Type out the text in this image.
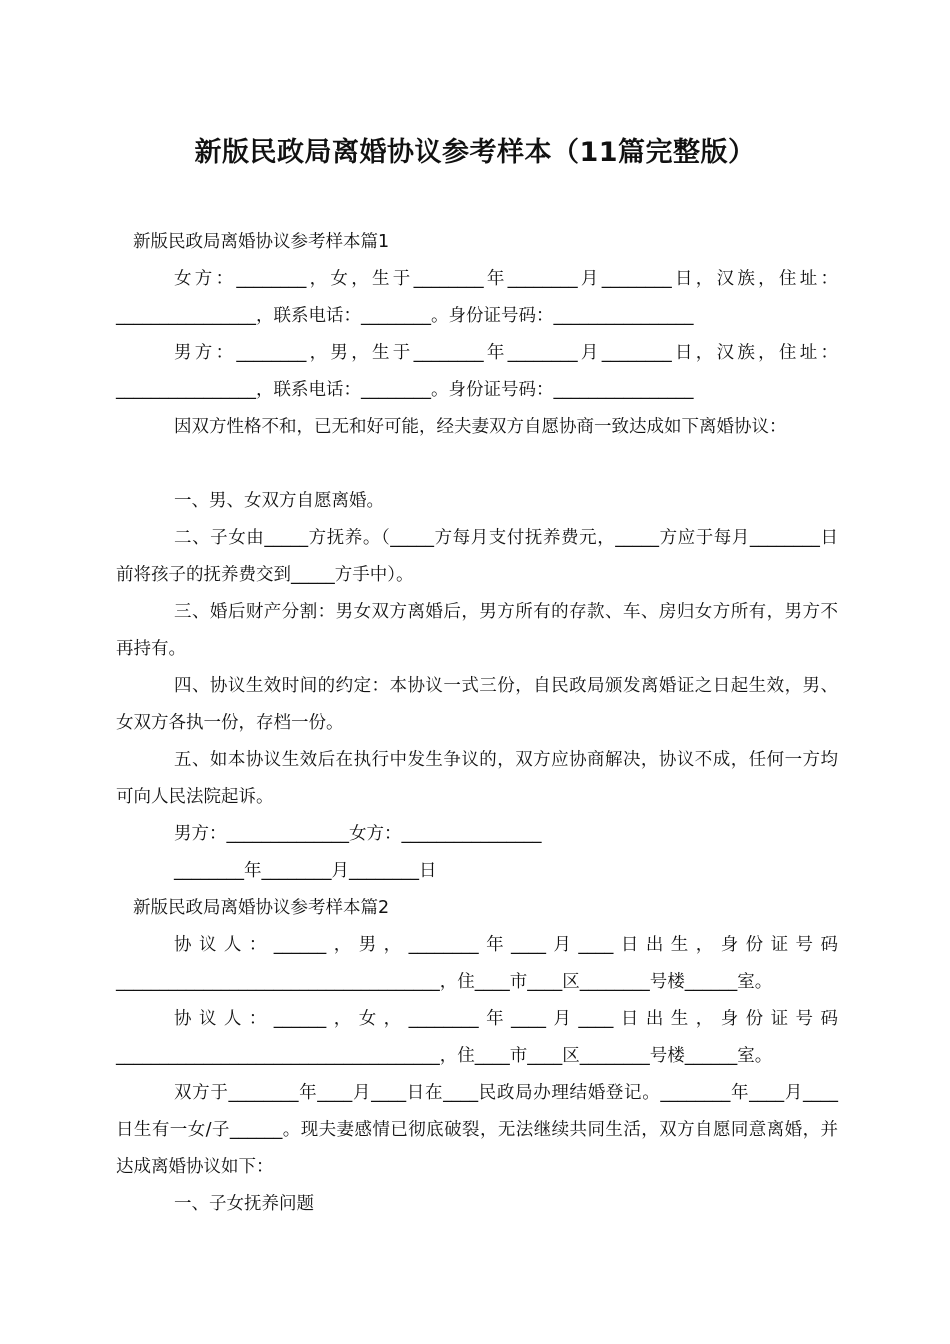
新版民政局离婚协议参考样本（11篇完整版）

新版民政局离婚协议参考样本篇1

女方：________，女，生于________年________月________日，汉族，住址：________________，联系电话：________。身份证号码：________________

男方：________，男，生于________年________月________日，汉族，住址：________________，联系电话：________。身份证号码：________________

因双方性格不和，已无和好可能，经夫妻双方自愿协商一致达成如下离婚协议：

一、男、女双方自愿离婚。

二、子女由_____方抚养。（_____方每月支付抚养费元，_____方应于每月________日前将孩子的抚养费交到_____方手中）。

三、婚后财产分割：男女双方离婚后，男方所有的存款、车、房归女方所有，男方不再持有。

四、协议生效时间的约定：本协议一式三份，自民政局颁发离婚证之日起生效，男、女双方各执一份，存档一份。

五、如本协议生效后在执行中发生争议的，双方应协商解决，协议不成，任何一方均可向人民法院起诉。

男方：______________女方：________________

________年________月________日

新版民政局离婚协议参考样本篇2

协议人：______，男，________年____月____日出生，身份证号码_____________________________________，住____市____区________号楼______室。

协议人：______，女，________年____月____日出生，身份证号码_____________________________________，住____市____区________号楼______室。

双方于________年____月____日在____民政局办理结婚登记。________年____月____日生有一女/子______。现夫妻感情已彻底破裂，无法继续共同生活，双方自愿同意离婚，并达成离婚协议如下：

一、子女抚养问题
